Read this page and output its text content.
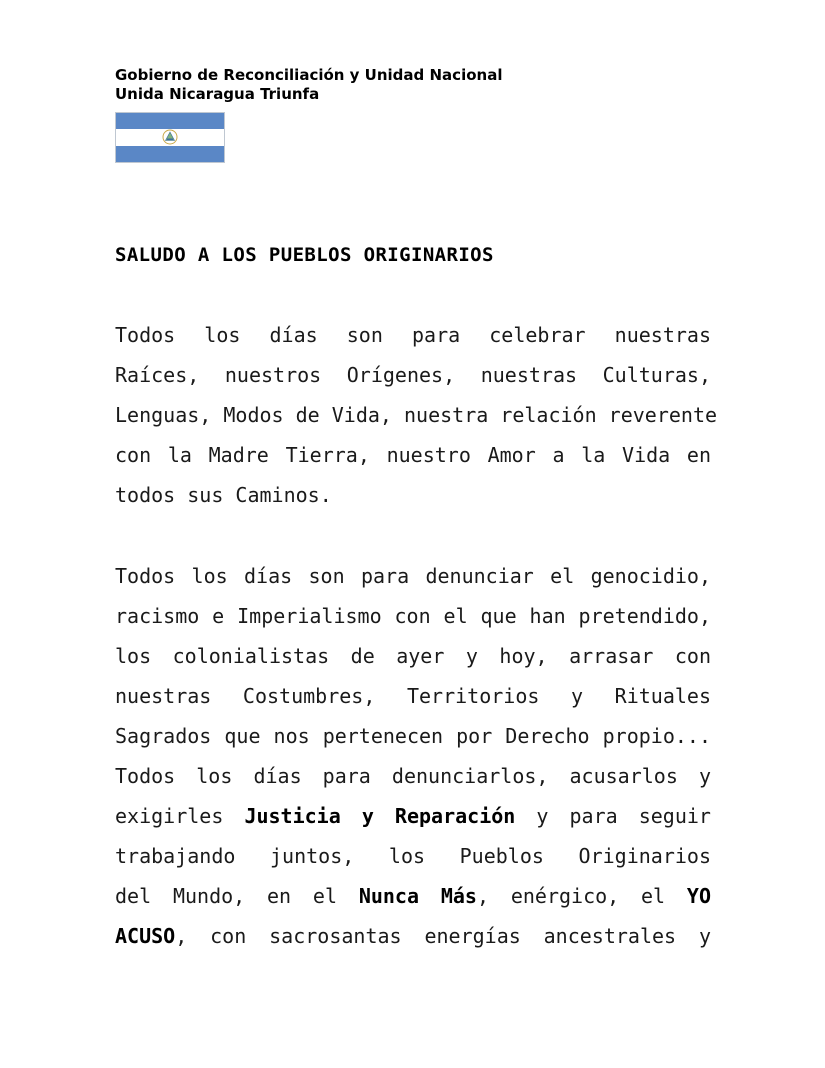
Gobierno de Reconciliación y Unidad Nacional
Unida Nicaragua Triunfa
SALUDO A LOS PUEBLOS ORIGINARIOS
Todos los días son para celebrar nuestras
Raíces, nuestros Orígenes, nuestras Culturas,
Lenguas, Modos de Vida, nuestra relación reverente
con la Madre Tierra, nuestro Amor a la Vida en
todos sus Caminos.
Todos los días son para denunciar el genocidio,
racismo e Imperialismo con el que han pretendido,
los colonialistas de ayer y hoy, arrasar con
nuestras Costumbres, Territorios y Rituales
Sagrados que nos pertenecen por Derecho propio...
Todos los días para denunciarlos, acusarlos y
exigirles Justicia y Reparación y para seguir
trabajando juntos, los Pueblos Originarios
del Mundo, en el Nunca Más, enérgico, el YO
ACUSO, con sacrosantas energías ancestrales y
